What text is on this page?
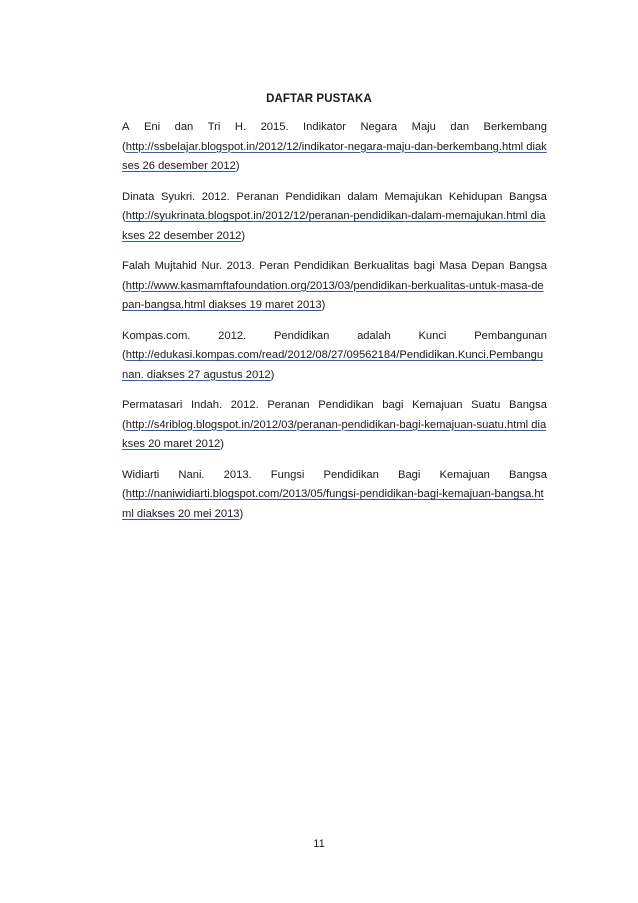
DAFTAR PUSTAKA
A Eni dan Tri H. 2015. Indikator Negara Maju dan Berkembang
(http://ssbelajar.blogspot.in/2012/12/indikator-negara-maju-dan-berkembang.html diakses 26 desember 2012)
Dinata Syukri. 2012. Peranan Pendidikan dalam Memajukan Kehidupan Bangsa
(http://syukrinata.blogspot.in/2012/12/peranan-pendidikan-dalam-memajukan.html diakses 22 desember 2012)
Falah Mujtahid Nur. 2013. Peran Pendidikan Berkualitas bagi Masa Depan Bangsa
(http://www.kasmamftafoundation.org/2013/03/pendidikan-berkualitas-untuk-masa-depan-bangsa.html diakses 19 maret 2013)
Kompas.com. 2012. Pendidikan adalah Kunci Pembangunan
(http://edukasi.kompas.com/read/2012/08/27/09562184/Pendidikan.Kunci.Pembangunan. diakses 27 agustus 2012)
Permatasari Indah. 2012. Peranan Pendidikan bagi Kemajuan Suatu Bangsa
(http://s4riblog.blogspot.in/2012/03/peranan-pendidikan-bagi-kemajuan-suatu.html diakses 20 maret 2012)
Widiarti Nani. 2013. Fungsi Pendidikan Bagi Kemajuan Bangsa
(http://naniwidiarti.blogspot.com/2013/05/fungsi-pendidikan-bagi-kemajuan-bangsa.html diakses 20 mei 2013)
11
